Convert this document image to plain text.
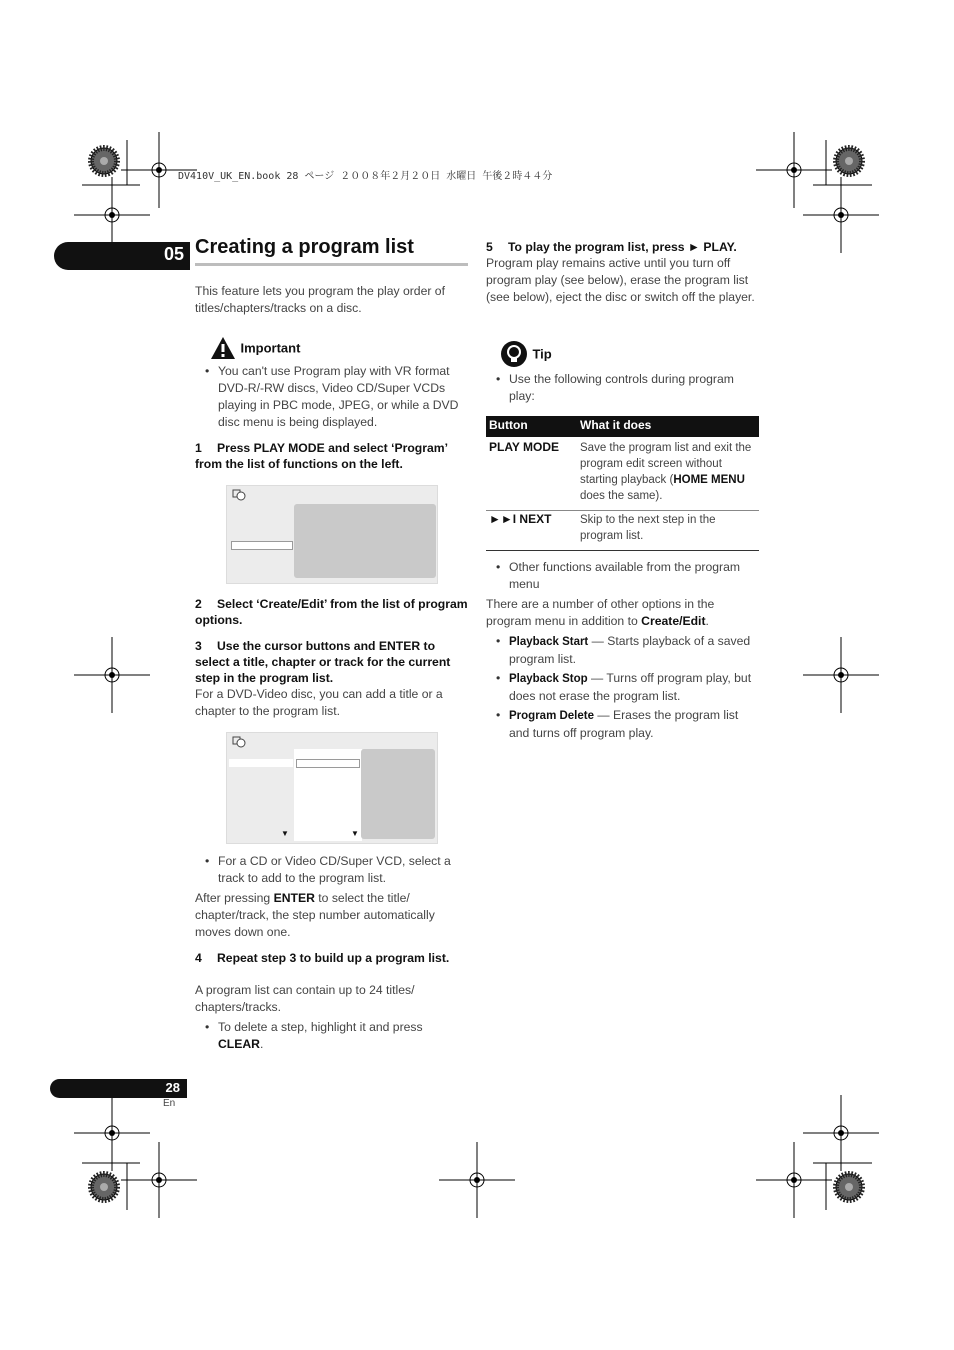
DV410V_UK_EN.book 28 ページ ２００８年２月２０日 水曜日 午後２時４４分
05 Creating a program list
This feature lets you program the play order of titles/chapters/tracks on a disc.
Important
• You can't use Program play with VR format DVD-R/-RW discs, Video CD/Super VCDs playing in PBC mode, JPEG, or while a DVD disc menu is being displayed.
1 Press PLAY MODE and select ‘Program’ from the list of functions on the left.
2 Select ‘Create/Edit’ from the list of program options.
3 Use the cursor buttons and ENTER to select a title, chapter or track for the current step in the program list.
For a DVD-Video disc, you can add a title or a chapter to the program list.
▼	▼
• For a CD or Video CD/Super VCD, select a track to add to the program list.
After pressing ENTER to select the title/ chapter/track, the step number automatically moves down one.
4 Repeat step 3 to build up a program list.
A program list can contain up to 24 titles/ chapters/tracks.
• To delete a step, highlight it and press CLEAR.
5 To play the program list, press ► PLAY.
Program play remains active until you turn off program play (see below), erase the program list (see below), eject the disc or switch off the player.
Tip
• Use the following controls during program play:
Button	What it does
PLAY MODE	Save the program list and exit the program edit screen without starting playback (HOME MENU does the same).
►►I NEXT	Skip to the next step in the program list.
• Other functions available from the program menu
There are a number of other options in the program menu in addition to Create/Edit.
• Playback Start — Starts playback of a saved program list.
• Playback Stop — Turns off program play, but does not erase the program list.
• Program Delete — Erases the program list and turns off program play.
28
En
